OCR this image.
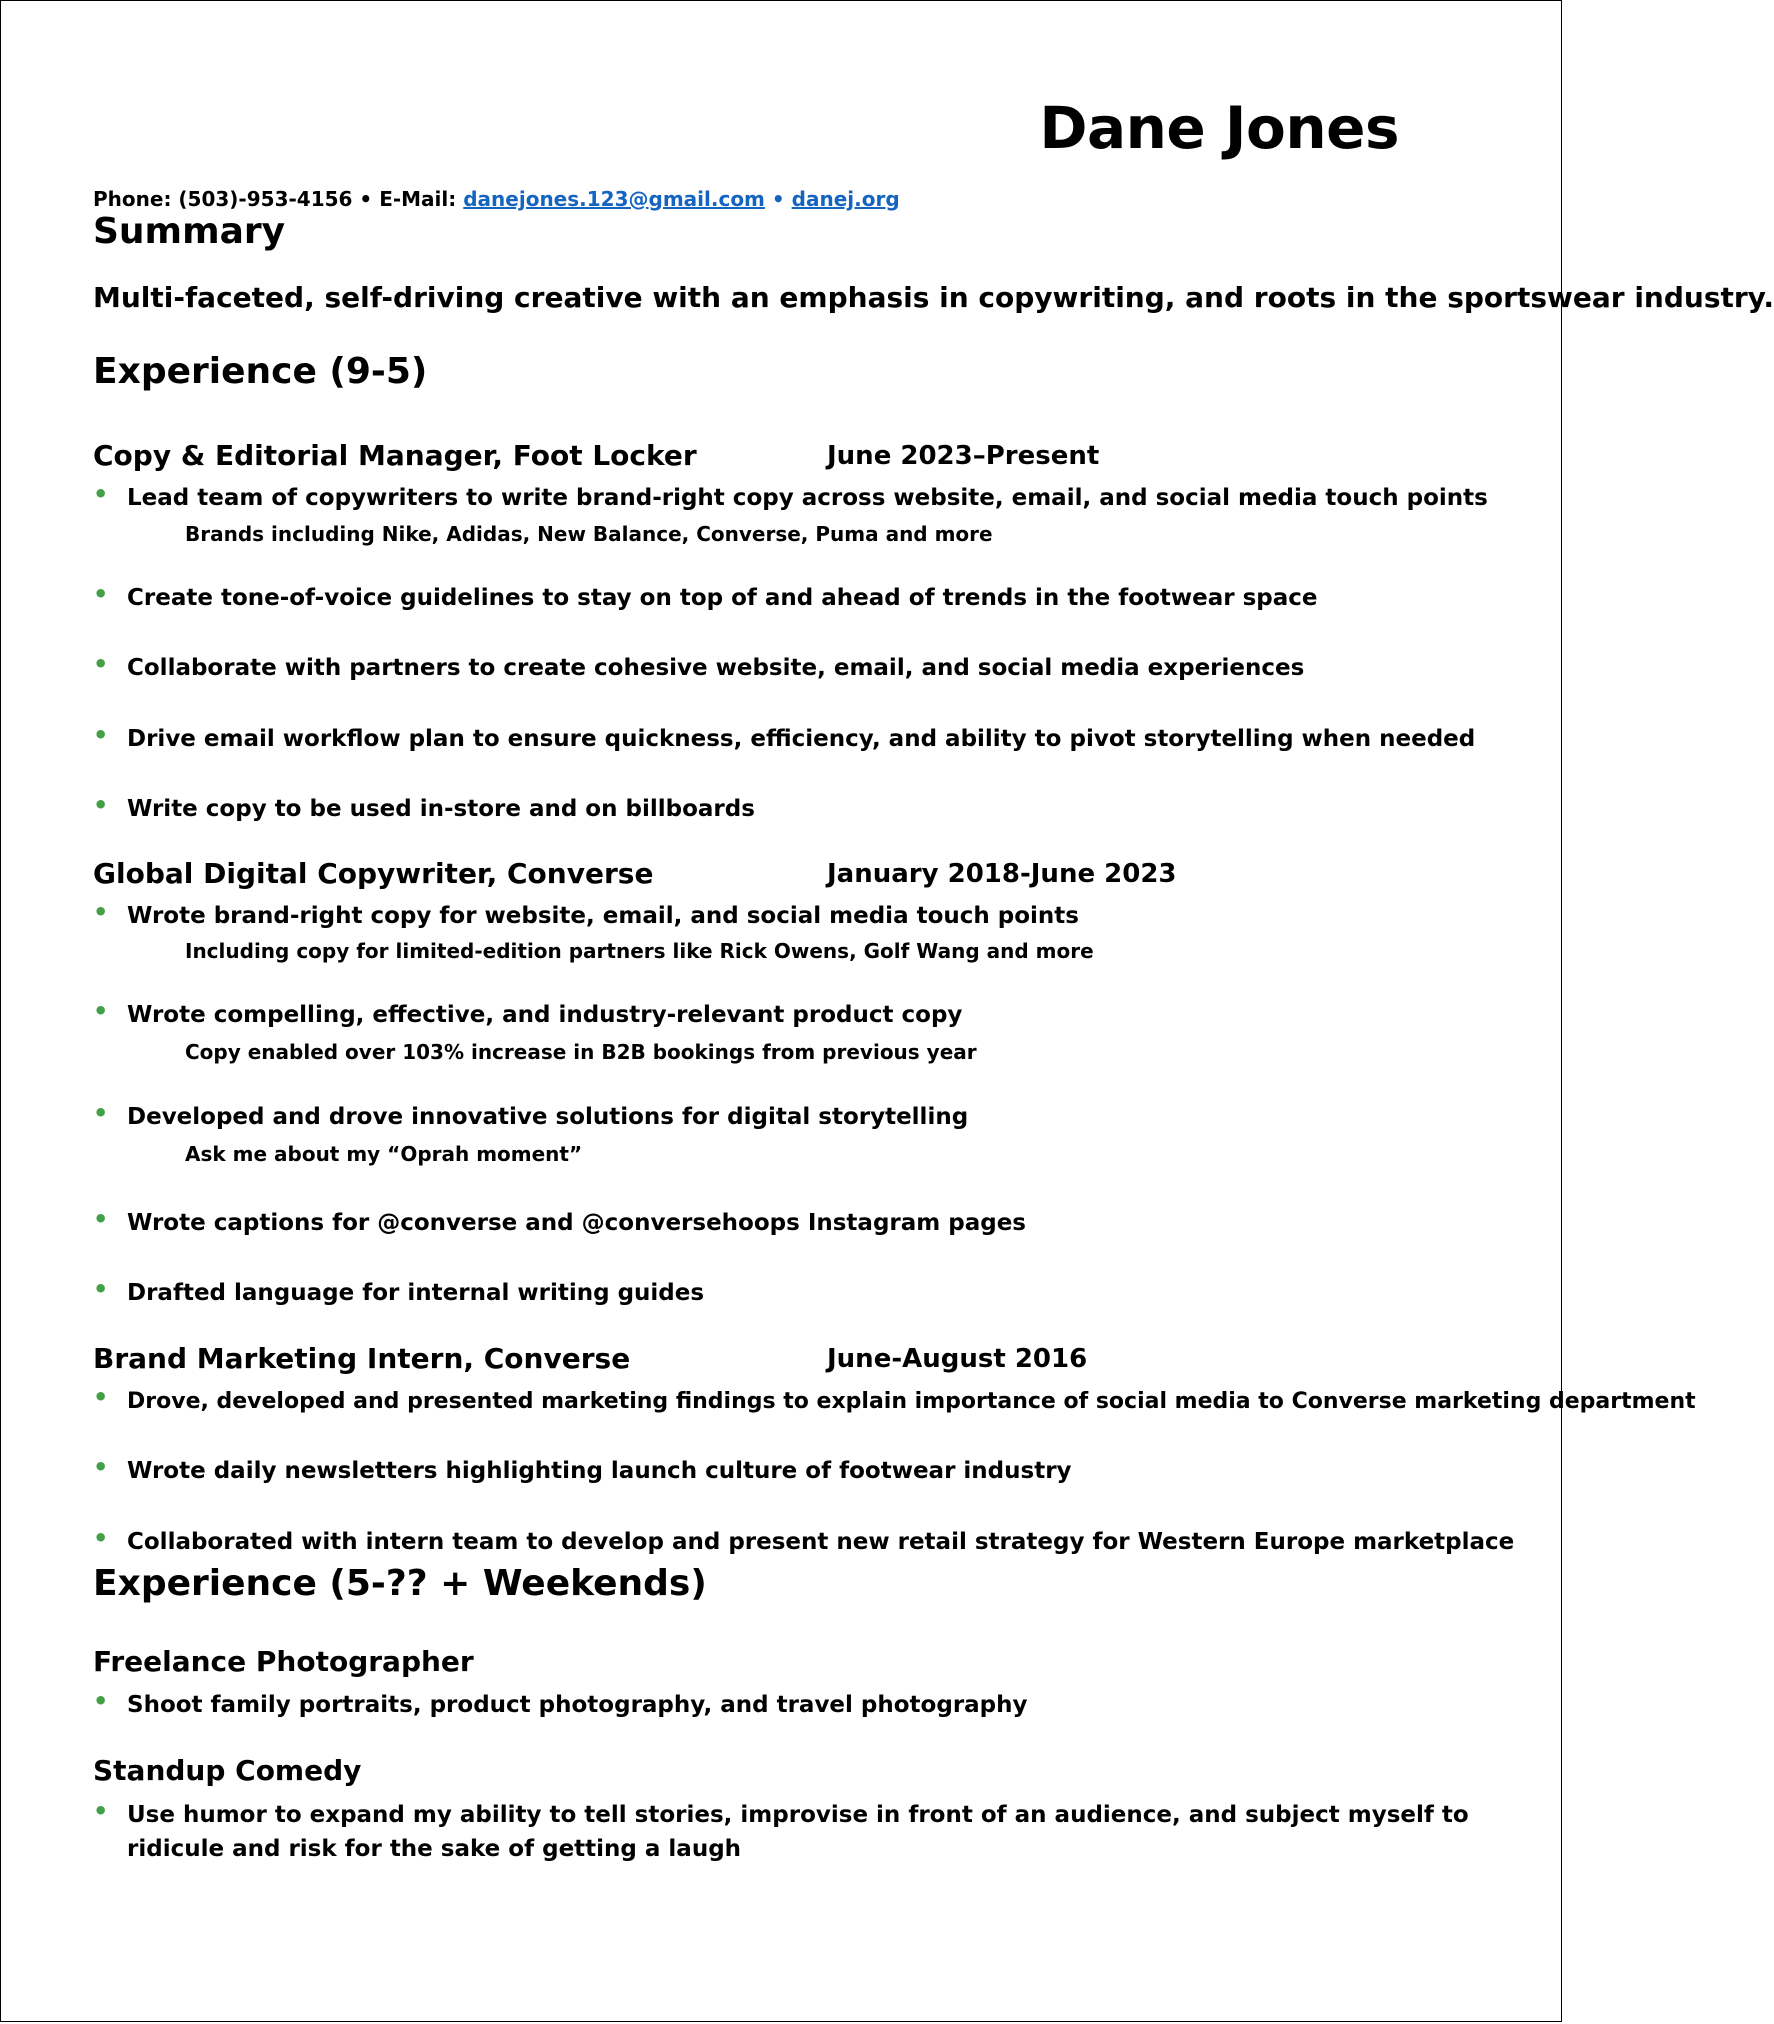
Dane Jones
Phone: (503)-953-4156 • E-Mail: danejones.123@gmail.com • danej.org
Summary
Multi-faceted, self-driving creative with an emphasis in copywriting, and roots in the sportswear industry.
Experience (9-5)
Copy & Editorial Manager, Foot Locker	June 2023–Present
• Lead team of copywriters to write brand-right copy across website, email, and social media touch points
Brands including Nike, Adidas, New Balance, Converse, Puma and more
• Create tone-of-voice guidelines to stay on top of and ahead of trends in the footwear space
• Collaborate with partners to create cohesive website, email, and social media experiences
• Drive email workflow plan to ensure quickness, efficiency, and ability to pivot storytelling when needed
• Write copy to be used in-store and on billboards
Global Digital Copywriter, Converse	January 2018-June 2023
• Wrote brand-right copy for website, email, and social media touch points
Including copy for limited-edition partners like Rick Owens, Golf Wang and more
• Wrote compelling, effective, and industry-relevant product copy
Copy enabled over 103% increase in B2B bookings from previous year
• Developed and drove innovative solutions for digital storytelling
Ask me about my “Oprah moment”
• Wrote captions for @converse and @conversehoops Instagram pages
• Drafted language for internal writing guides
Brand Marketing Intern, Converse	June-August 2016
• Drove, developed and presented marketing findings to explain importance of social media to Converse marketing department
• Wrote daily newsletters highlighting launch culture of footwear industry
• Collaborated with intern team to develop and present new retail strategy for Western Europe marketplace
Experience (5-?? + Weekends)
Freelance Photographer
• Shoot family portraits, product photography, and travel photography
Standup Comedy
• Use humor to expand my ability to tell stories, improvise in front of an audience, and subject myself to ridicule and risk for the sake of getting a laugh
